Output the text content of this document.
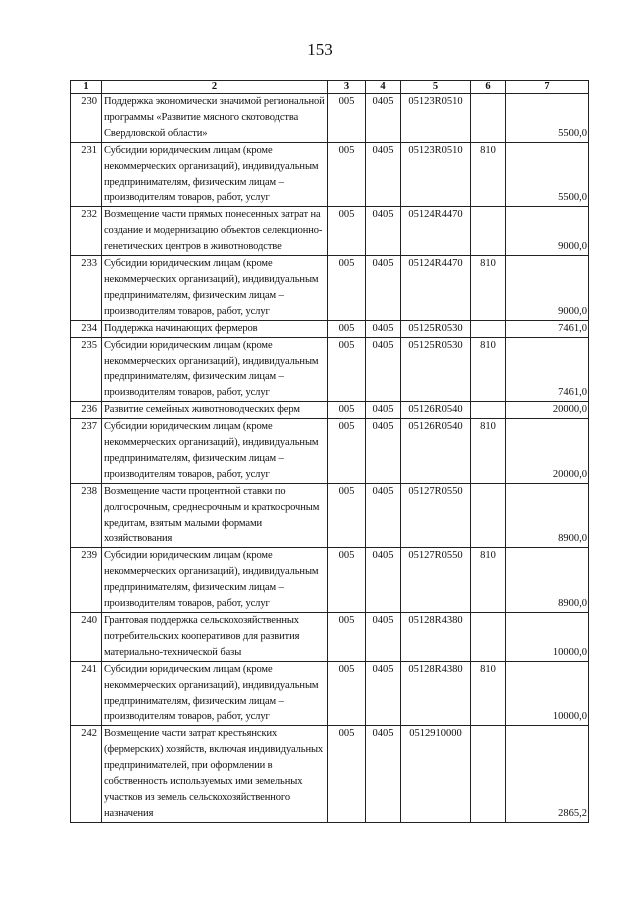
153
1	2	3	4	5	6	7
230	Поддержка экономически значимой региональной программы «Развитие мясного скотоводства Свердловской области»	005	0405	05123R0510		5500,0
231	Субсидии юридическим лицам (кроме некоммерческих организаций), индивидуальным предпринимателям, физическим лицам – производителям товаров, работ, услуг	005	0405	05123R0510	810	5500,0
232	Возмещение части прямых понесенных затрат на создание и модернизацию объектов селекционно-генетических центров в животноводстве	005	0405	05124R4470		9000,0
233	Субсидии юридическим лицам (кроме некоммерческих организаций), индивидуальным предпринимателям, физическим лицам – производителям товаров, работ, услуг	005	0405	05124R4470	810	9000,0
234	Поддержка начинающих фермеров	005	0405	05125R0530		7461,0
235	Субсидии юридическим лицам (кроме некоммерческих организаций), индивидуальным предпринимателям, физическим лицам – производителям товаров, работ, услуг	005	0405	05125R0530	810	7461,0
236	Развитие семейных животноводческих ферм	005	0405	05126R0540		20000,0
237	Субсидии юридическим лицам (кроме некоммерческих организаций), индивидуальным предпринимателям, физическим лицам – производителям товаров, работ, услуг	005	0405	05126R0540	810	20000,0
238	Возмещение части процентной ставки по долгосрочным, среднесрочным и краткосрочным кредитам, взятым малыми формами хозяйствования	005	0405	05127R0550		8900,0
239	Субсидии юридическим лицам (кроме некоммерческих организаций), индивидуальным предпринимателям, физическим лицам – производителям товаров, работ, услуг	005	0405	05127R0550	810	8900,0
240	Грантовая поддержка сельскохозяйственных потребительских кооперативов для развития материально-технической базы	005	0405	05128R4380		10000,0
241	Субсидии юридическим лицам (кроме некоммерческих организаций), индивидуальным предпринимателям, физическим лицам – производителям товаров, работ, услуг	005	0405	05128R4380	810	10000,0
242	Возмещение части затрат крестьянских (фермерских) хозяйств, включая индивидуальных предпринимателей, при оформлении в собственность используемых ими земельных участков из земель сельскохозяйственного назначения	005	0405	0512910000		2865,2
